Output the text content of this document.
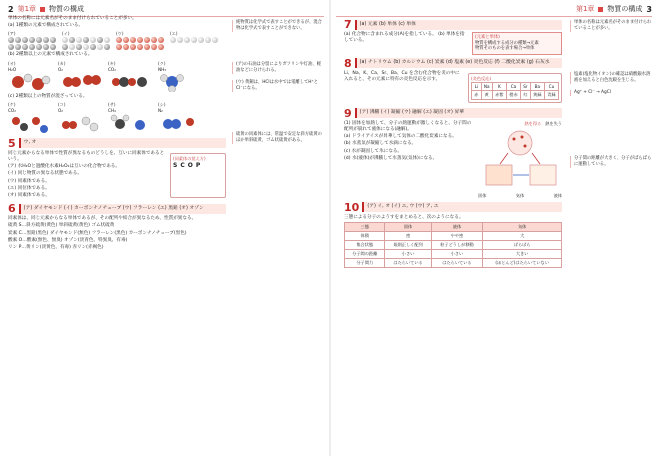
2 第1章 物質の構成

単体の名称には元素名がそのまま付けられていることが多い。

(a) 1種類の元素で構成されている。

(ア)	(イ)	(ウ)	(エ)

(b) 2種類以上の元素で構成されている。

(オ)
H₂O
(カ)
O₂
(キ)
CO₂
(ク)
NH₃

(c) 2種類以上の物質が混ざっている。

(ケ)
CO₂
(コ)
O₂
(サ)
CH₄
(シ)
N₂
5	ウ, オ

同じ元素からなる単体で性質が異なるものどうしを、互いに同素体であるという。

(ア) 水H₂Oと過酸化水素H₂O₂は互いの化合物である。

(イ) 同じ物質の異なる状態である。

(ウ) 同素体である。

(エ) 同位体である。

(オ) 同素体である。

(同素体の覚え方)
S C O P
6	(ア) ダイヤモンド (イ) カーボンナノチューブ (ウ) フラーレン (エ) 黒鉛 (オ) オゾン

同素体は、同じ元素からなる単体であるが、その配列や結合が異なるため、性質が異なる。

硫黄 S…斜方硫黄(黄色) 単斜硫黄(黄色) ゴム状硫黄

炭素 C…黒鉛(黒色) ダイヤモンド(無色) フラーレン(黒色) カーボンナノチューブ(黒色)

酸素 O…酸素(無色、無臭) オゾン(淡青色、特異臭、有毒)

リン P…黄リン(淡黄色、有毒) 赤リン(赤褐色)

純物質は化学式で表すことができるが、混合物は化学式で表すことができない。

(ア)の石油は分留によりガソリンや灯油、軽油などに分けられる。

(ウ) 黄銅は、HClは水中では電離してH⁺とCl⁻になる。

硫黄の同素体には、常温で安定な斜方硫黄のほか単斜硫黄、ゴム状硫黄がある。

第1章 物質の構成 3
7	(a) 元素 (b) 単体 (c) 単体

(a) 化合物に含まれる成分(A)を指している。 (b) 単体を指している。

(元素と単体)
物質を構成する成分の種類→元素
物質そのものを表す場合→単体
8	(a) ナトリウム (b) カルシウム (c) 炭素 (d) 塩素 (e) 炎色反応 (f) 二酸化炭素 (g) 石灰水

Li、Na、K、Ca、Sr、Ba、Cu を含む化合物を炎の中に入れると、その元素に特有の炎色反応を示す。	(炎色反応)
Li	Na	K	Ca	Sr	Ba	Cu
赤	黄	赤紫	橙赤	紅	黄緑	青緑
9	(ア) 沸騰 (イ) 凝縮 (ウ) 融解 (エ) 凝固 (オ) 昇華

(1) 固体を加熱して、分子の熱運動が激しくなると、分子間の配列が崩れて液体になる(融解)。

(a) ドライアイスが昇華して気体の二酸化炭素になる。

(b) 水蒸気が凝縮して水滴になる。

(c) 水が凝固して氷になる。

(d) 水(液体)が沸騰して水蒸気(気体)になる。

熱を得る 熱を失う
固体	気体	液体
10	(ア) イ, オ (イ) エ, ウ (ウ) ア, エ

三態による分子のようすをまとめると、次のようになる。

三態	固体	液体	気体
体積	密	やや密	大
集合状態	規則正しく配列	粒子どうしが移動	ばらばら
分子間の距離	小さい	小さい	大きい
分子間力	はたらいている	はたらいている	(ほとんど)はたらいていない

単体の名称は元素名がそのまま付けられていることが多い。

塩素(塩化物イオン)の確認は硝酸銀水溶液を加えると白色沈殿を生じる。

Ag⁺ + Cl⁻ → AgCl

分子間の距離が大きく、分子がばらばらに運動している。
